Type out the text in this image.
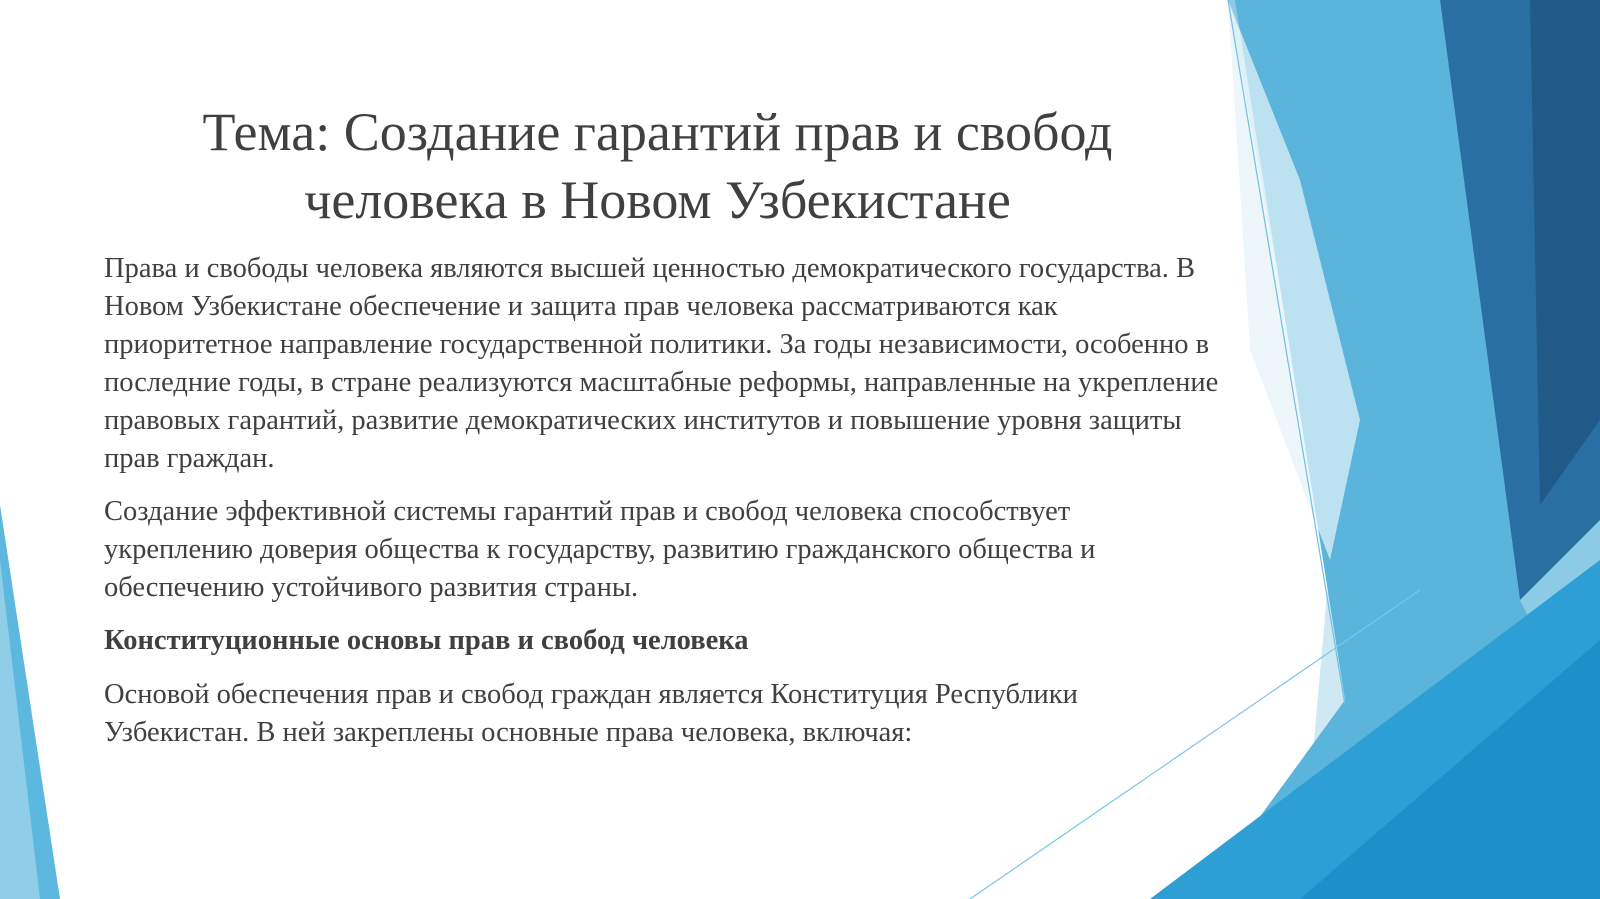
Тема: Создание гарантий прав и свобод человека в Новом Узбекистане

Права и свободы человека являются высшей ценностью демократического государства. В Новом Узбекистане обеспечение и защита прав человека рассматриваются как приоритетное направление государственной политики. За годы независимости, особенно в последние годы, в стране реализуются масштабные реформы, направленные на укрепление правовых гарантий, развитие демократических институтов и повышение уровня защиты прав граждан.

Создание эффективной системы гарантий прав и свобод человека способствует укреплению доверия общества к государству, развитию гражданского общества и обеспечению устойчивого развития страны.

Конституционные основы прав и свобод человека

Основой обеспечения прав и свобод граждан является Конституция Республики Узбекистан. В ней закреплены основные права человека, включая:
